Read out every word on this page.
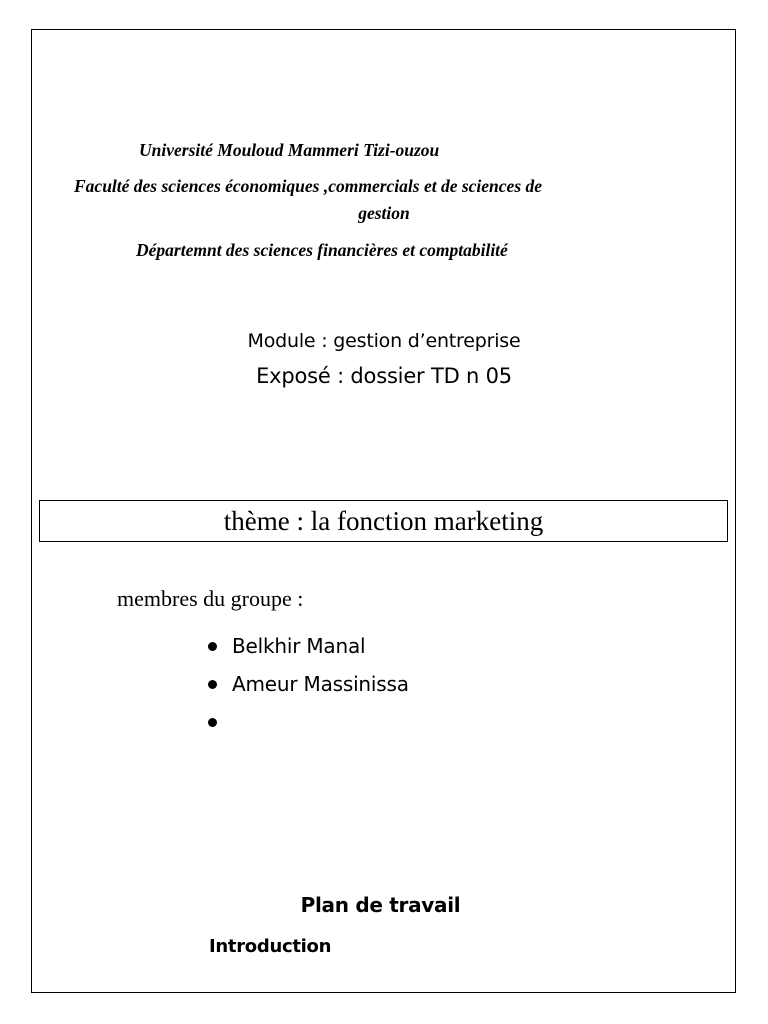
Université Mouloud Mammeri Tizi-ouzou
Faculté des sciences économiques ,commercials et de sciences de
gestion
Départemnt des sciences financières et comptabilité
Module : gestion d’entreprise
Exposé : dossier TD n 05
thème : la fonction marketing
membres du groupe :
Belkhir Manal
Ameur Massinissa
Plan de travail
Introduction
